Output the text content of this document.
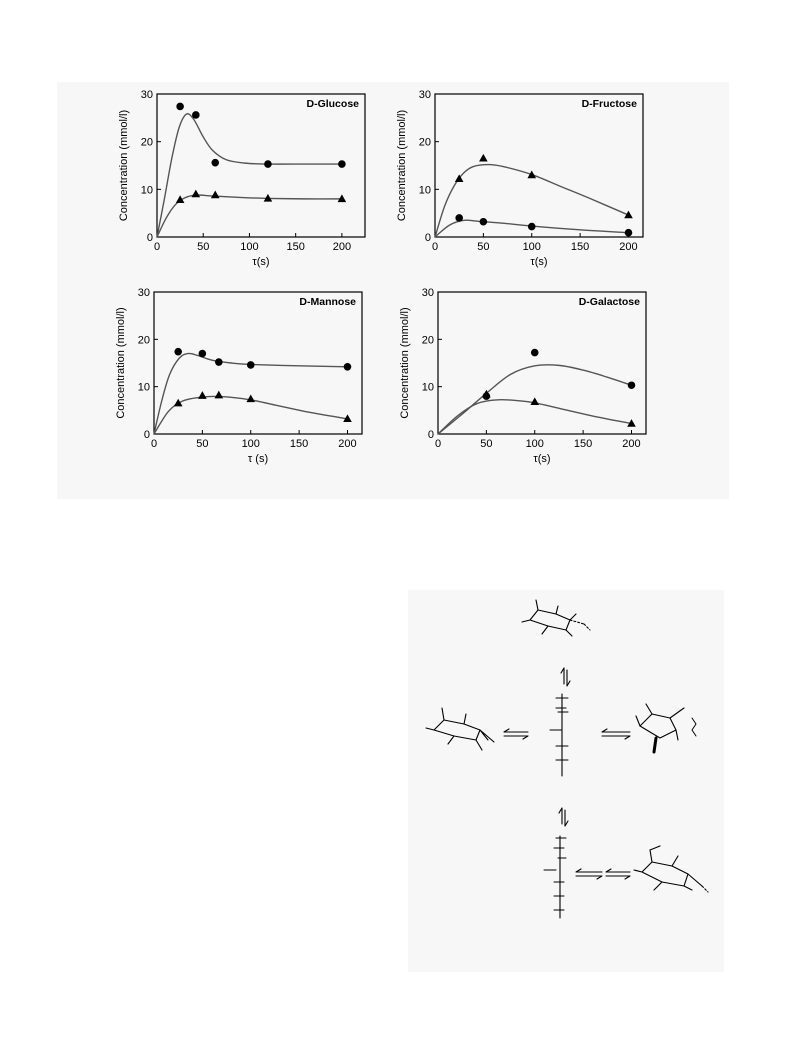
0	50	100	150	200
0
10
20
30
τ(s)
Concentration (mmol/l)
D-Glucose
0	50	100	150	200
0
10
20
30
τ(s)
Concentration (mmol/l)
D-Fructose
0	50	100	150	200
0
10
20
30
τ (s)
Concentration (mmol/l)
D-Mannose
0	50	100	150	200
0
10
20
30
τ(s)
Concentration (mmol/l)
D-Galactose
